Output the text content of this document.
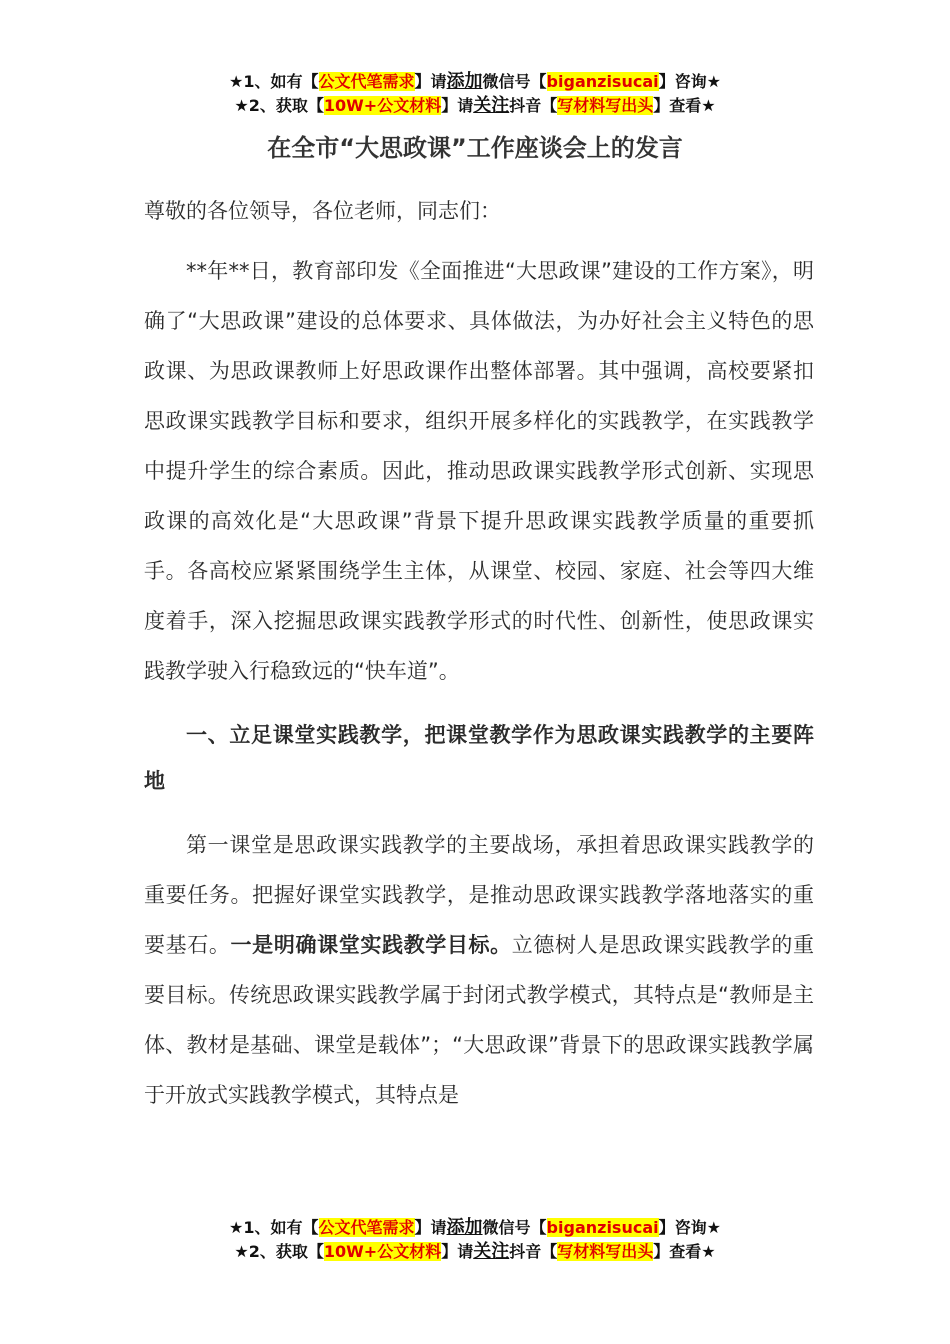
★1、如有【公文代笔需求】请添加微信号【biganzisucai】咨询★
★2、获取【10W+公文材料】请关注抖音【写材料写出头】查看★
在全市“大思政课”工作座谈会上的发言

尊敬的各位领导，各位老师，同志们：

**年**日，教育部印发《全面推进“大思政课”建设的工作方案》，明确了“大思政课”建设的总体要求、具体做法，为办好社会主义特色的思政课、为思政课教师上好思政课作出整体部署。其中强调，高校要紧扣思政课实践教学目标和要求，组织开展多样化的实践教学，在实践教学中提升学生的综合素质。因此，推动思政课实践教学形式创新、实现思政课的高效化是“大思政课”背景下提升思政课实践教学质量的重要抓手。各高校应紧紧围绕学生主体，从课堂、校园、家庭、社会等四大维度着手，深入挖掘思政课实践教学形式的时代性、创新性，使思政课实践教学驶入行稳致远的“快车道”。

一、立足课堂实践教学，把课堂教学作为思政课实践教学的主要阵地

第一课堂是思政课实践教学的主要战场，承担着思政课实践教学的重要任务。把握好课堂实践教学，是推动思政课实践教学落地落实的重要基石。一是明确课堂实践教学目标。立德树人是思政课实践教学的重要目标。传统思政课实践教学属于封闭式教学模式，其特点是“教师是主体、教材是基础、课堂是载体”；“大思政课”背景下的思政课实践教学属于开放式实践教学模式，其特点是

★1、如有【公文代笔需求】请添加微信号【biganzisucai】咨询★
★2、获取【10W+公文材料】请关注抖音【写材料写出头】查看★
